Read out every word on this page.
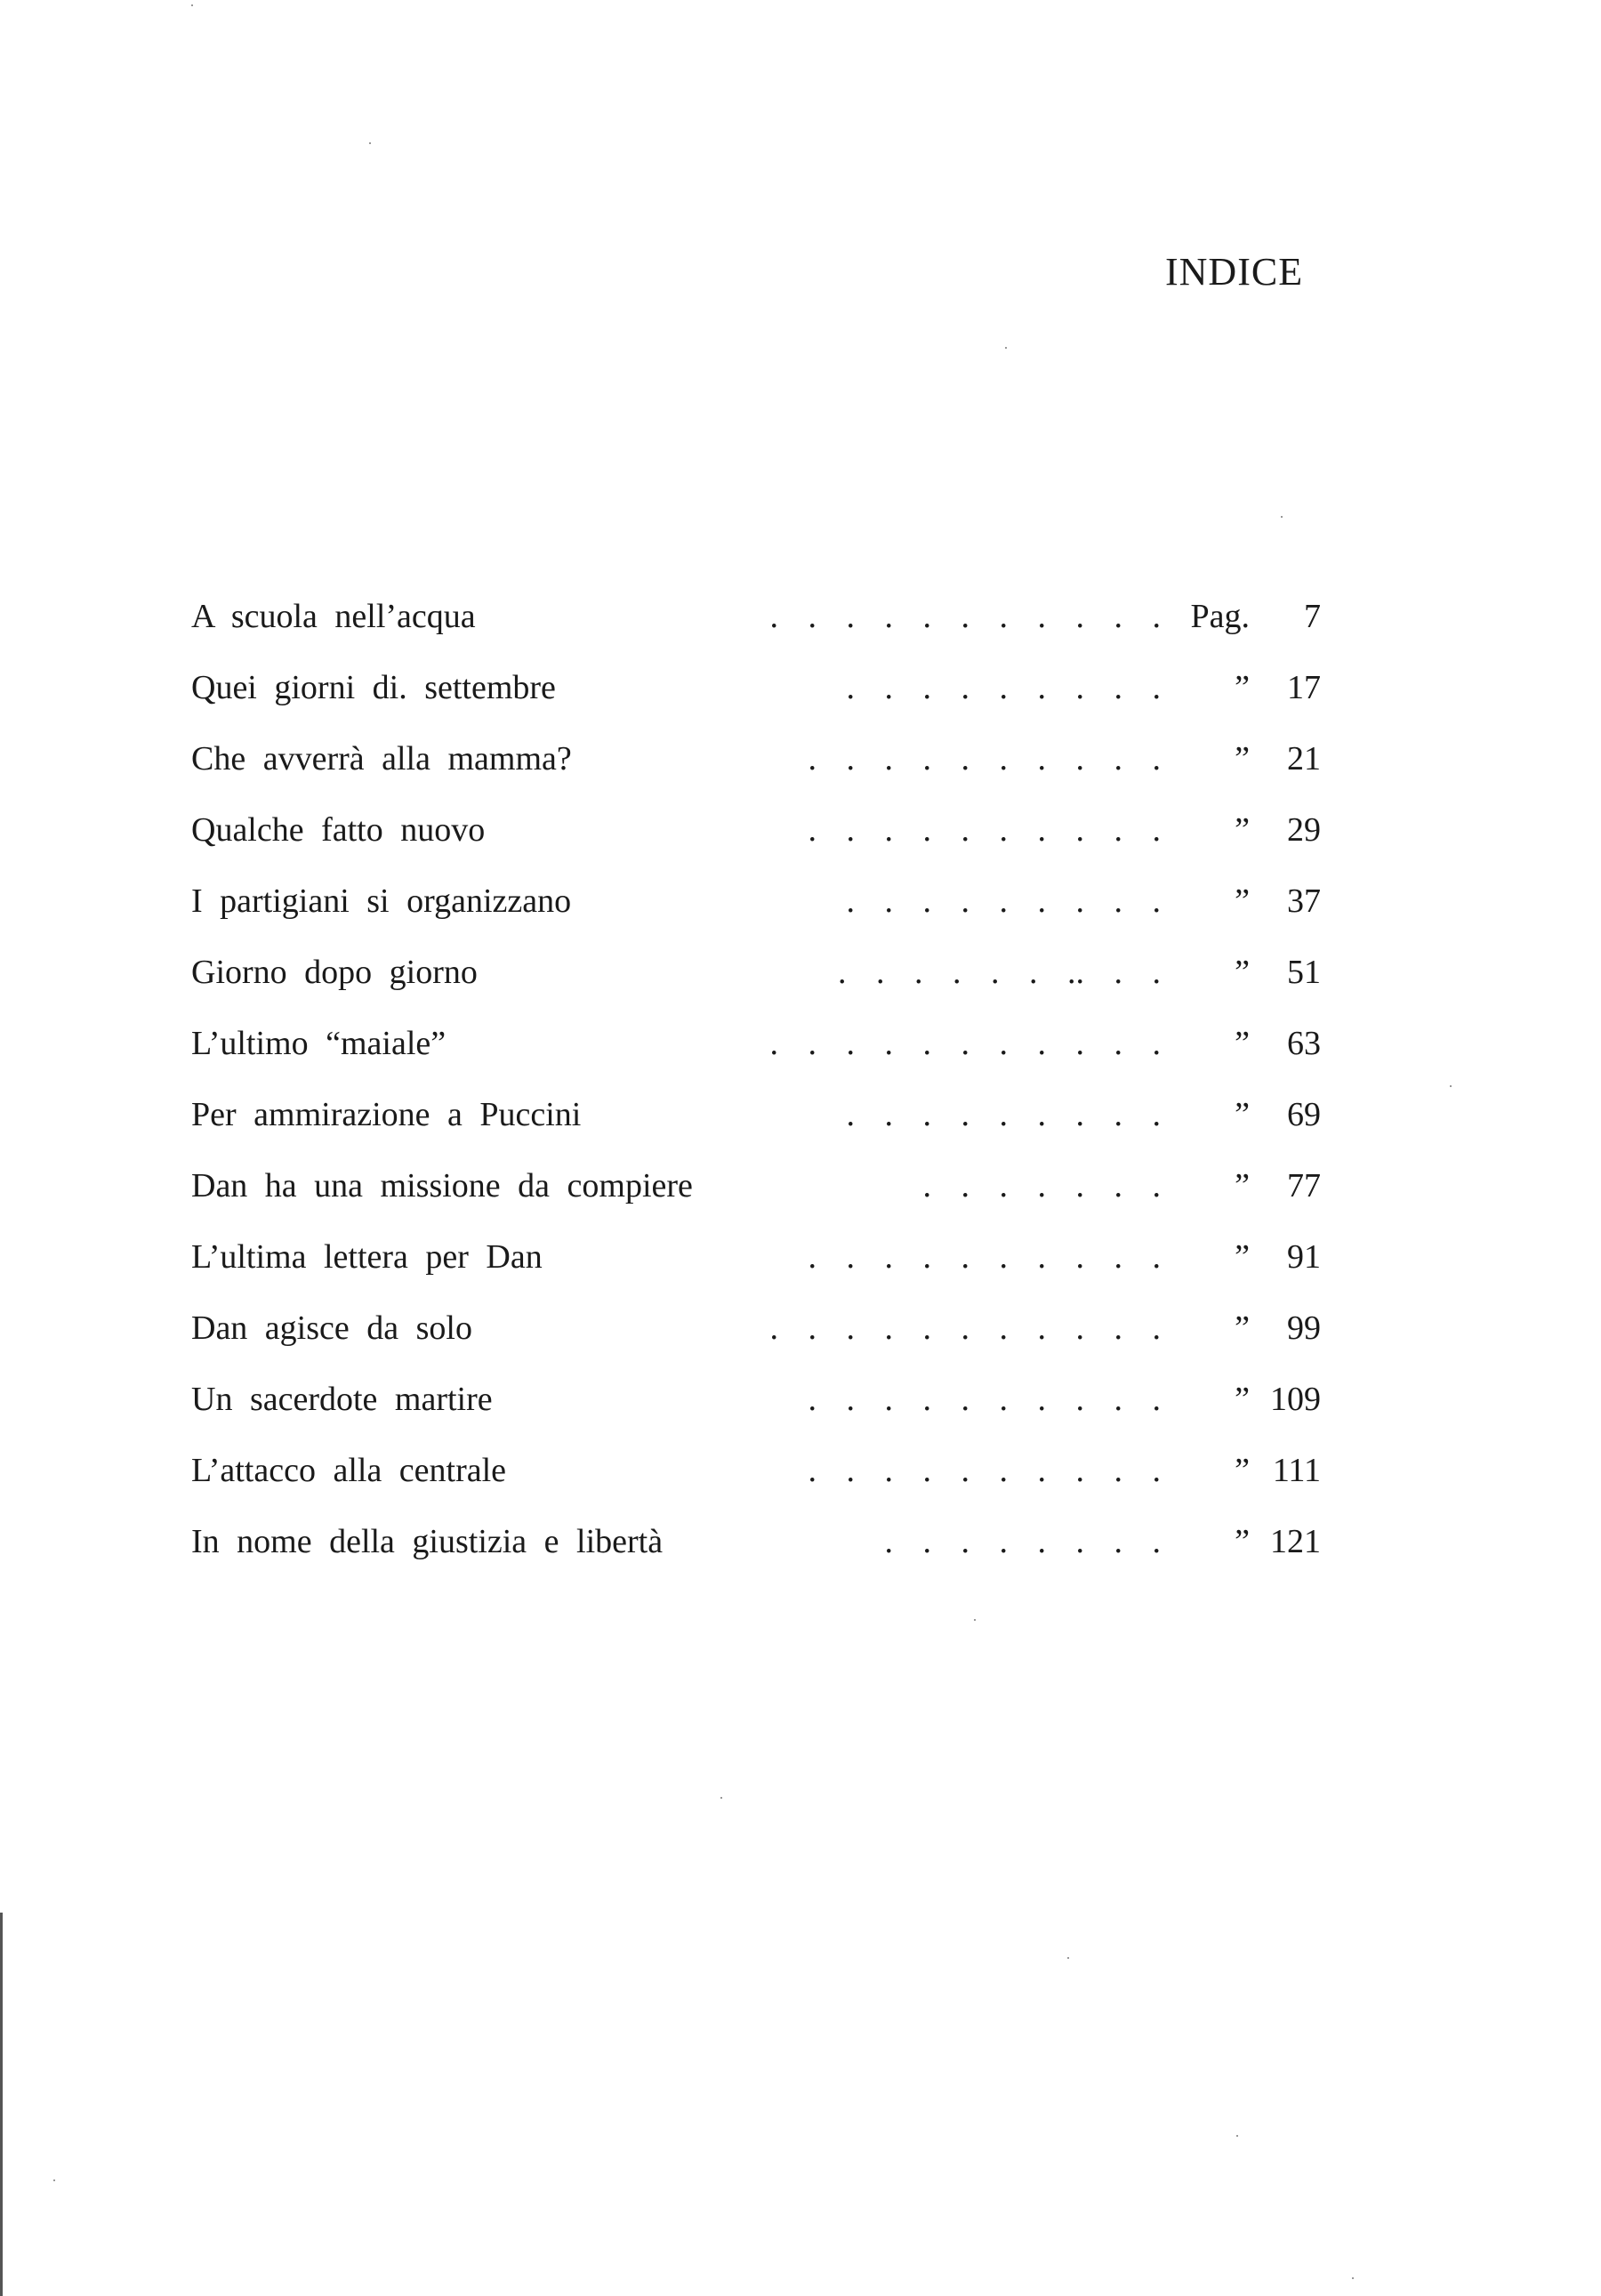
INDICE
A scuola nell’acqua	. . . . . . . . . . . Pag.	7
Quei giorni di. settembre	. . . . . . . . .	”	17
Che avverrà alla mamma?	. . . . . . . . . .	”	21
Qualche fatto nuovo	. . . . . . . . . .	”	29
I partigiani si organizzano	. . . . . . . . .	”	37
Giorno dopo giorno	. . . . . . .. . .	”	51
L’ultimo “maiale”	. . . . . . . . . . .	”	63
Per ammirazione a Puccini	. . . . . . . . .	”	69
Dan ha una missione da compiere	. . . . . . .	”	77
L’ultima lettera per Dan	. . . . . . . . . .	”	91
Dan agisce da solo	. . . . . . . . . . .	”	99
Un sacerdote martire	. . . . . . . . . .	” 109
L’attacco alla centrale	. . . . . . . . . .	” 111
In nome della giustizia e libertà	. . . . . . . .	” 121
